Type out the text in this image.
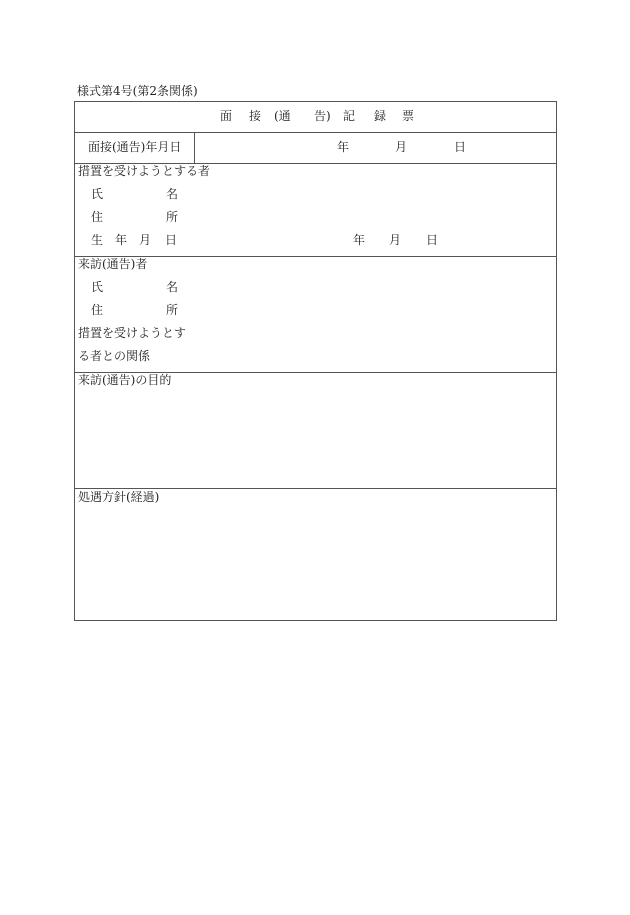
様式第4号(第2条関係)
面 接 (通 告) 記 録 票
面接(通告)年月日	年	月	日
措置を受けようとする者
氏	名
住	所
生 年 月 日	年 月 日
来訪(通告)者
氏	名
住	所
措置を受けようとす
る者との関係
来訪(通告)の目的
処遇方針(経過)
